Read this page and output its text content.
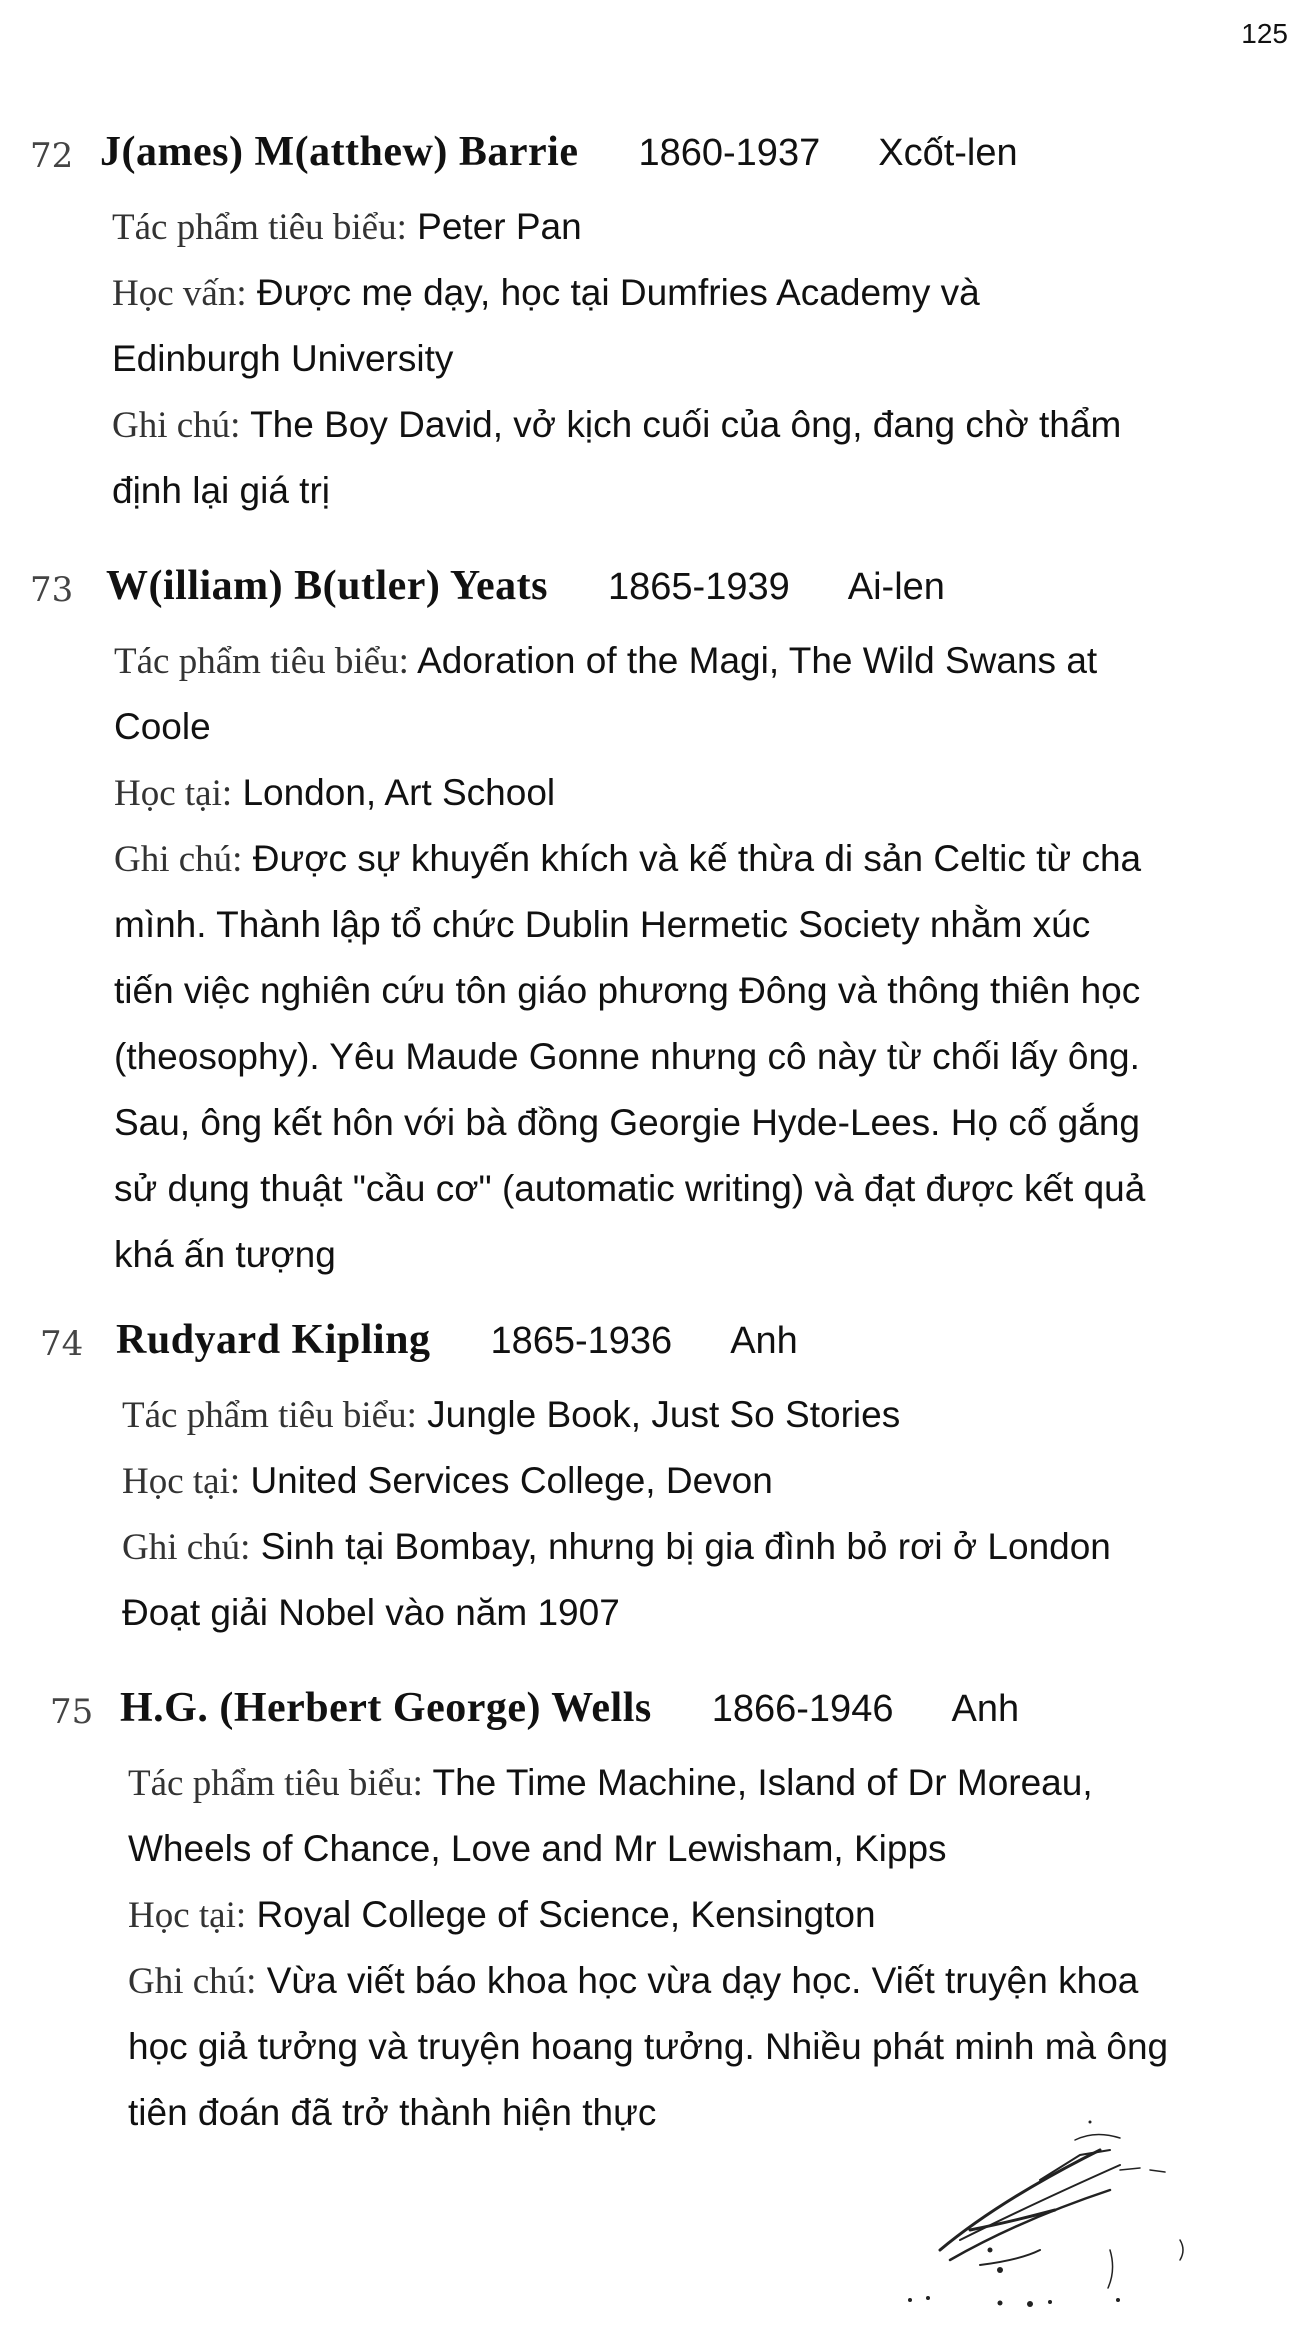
125
72 J(ames) M(atthew) Barrie 1860-1937 Xcốt-len
Tác phẩm tiêu biểu: Peter Pan
Học vấn: Được mẹ dạy, học tại Dumfries Academy và
Edinburgh University
Ghi chú: The Boy David, vở kịch cuối của ông, đang chờ thẩm
định lại giá trị
73 W(illiam) B(utler) Yeats 1865-1939 Ai-len
Tác phẩm tiêu biểu: Adoration of the Magi, The Wild Swans at
Coole
Học tại: London, Art School
Ghi chú: Được sự khuyến khích và kế thừa di sản Celtic từ cha
mình. Thành lập tổ chức Dublin Hermetic Society nhằm xúc
tiến việc nghiên cứu tôn giáo phương Đông và thông thiên học
(theosophy). Yêu Maude Gonne nhưng cô này từ chối lấy ông.
Sau, ông kết hôn với bà đồng Georgie Hyde-Lees. Họ cố gắng
sử dụng thuật "cầu cơ" (automatic writing) và đạt được kết quả
khá ấn tượng
74 Rudyard Kipling 1865-1936 Anh
Tác phẩm tiêu biểu: Jungle Book, Just So Stories
Học tại: United Services College, Devon
Ghi chú: Sinh tại Bombay, nhưng bị gia đình bỏ rơi ở London
Đoạt giải Nobel vào năm 1907
75 H.G. (Herbert George) Wells 1866-1946 Anh
Tác phẩm tiêu biểu: The Time Machine, Island of Dr Moreau,
Wheels of Chance, Love and Mr Lewisham, Kipps
Học tại: Royal College of Science, Kensington
Ghi chú: Vừa viết báo khoa học vừa dạy học. Viết truyện khoa
học giả tưởng và truyện hoang tưởng. Nhiều phát minh mà ông
tiên đoán đã trở thành hiện thực
